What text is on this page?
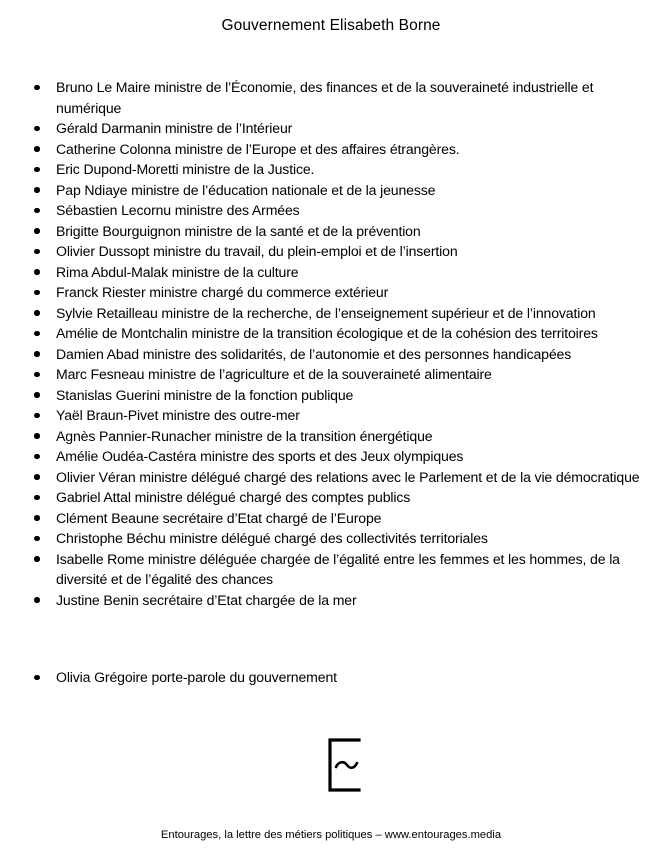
Gouvernement Elisabeth Borne
Bruno Le Maire ministre de l’Économie, des finances et de la souveraineté industrielle et numérique
Gérald Darmanin ministre de l’Intérieur
Catherine Colonna ministre de l’Europe et des affaires étrangères.
Eric Dupond-Moretti ministre de la Justice.
Pap Ndiaye ministre de l’éducation nationale et de la jeunesse
Sébastien Lecornu ministre des Armées
Brigitte Bourguignon ministre de la santé et de la prévention
Olivier Dussopt ministre du travail, du plein-emploi et de l’insertion
Rima Abdul-Malak ministre de la culture
Franck Riester ministre chargé du commerce extérieur
Sylvie Retailleau ministre de la recherche, de l’enseignement supérieur et de l’innovation
Amélie de Montchalin ministre de la transition écologique et de la cohésion des territoires
Damien Abad ministre des solidarités, de l’autonomie et des personnes handicapées
Marc Fesneau ministre de l’agriculture et de la souveraineté alimentaire
Stanislas Guerini ministre de la fonction publique
Yaël Braun-Pivet ministre des outre-mer
Agnès Pannier-Runacher ministre de la transition énergétique
Amélie Oudéa-Castéra ministre des sports et des Jeux olympiques
Olivier Véran ministre délégué chargé des relations avec le Parlement et de la vie démocratique
Gabriel Attal ministre délégué chargé des comptes publics
Clément Beaune secrétaire d’Etat chargé de l’Europe
Christophe Béchu ministre délégué chargé des collectivités territoriales
Isabelle Rome ministre déléguée chargée de l’égalité entre les femmes et les hommes, de la diversité et de l’égalité des chances
Justine Benin secrétaire d’Etat chargée de la mer
Olivia Grégoire porte-parole du gouvernement
Entourages, la lettre des métiers politiques – www.entourages.media
